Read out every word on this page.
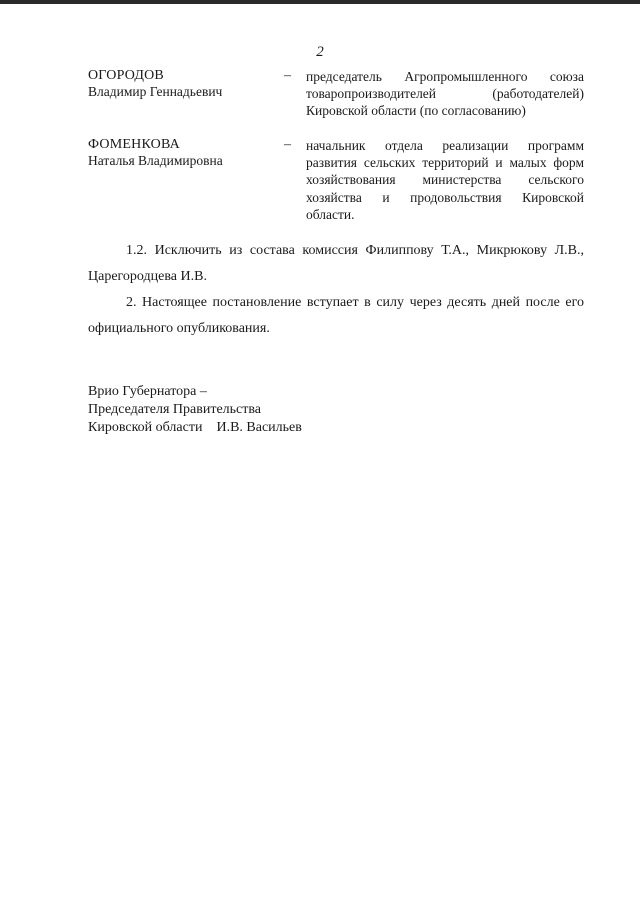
2
ОГОРОДОВ
Владимир Геннадьевич
– председатель Агропромышленного союза товаропроизводителей (работодателей) Кировской области (по согласованию)
ФОМЕНКОВА
Наталья Владимировна
– начальник отдела реализации программ развития сельских территорий и малых форм хозяйствования министерства сельского хозяйства и продовольствия Кировской области.

1.2. Исключить из состава комиссия Филиппову Т.А., Микрюкову Л.В., Царегородцева И.В.

2. Настоящее постановление вступает в силу через десять дней после его официального опубликования.

Врио Губернатора –
Председателя Правительства
Кировской области И.В. Васильев
